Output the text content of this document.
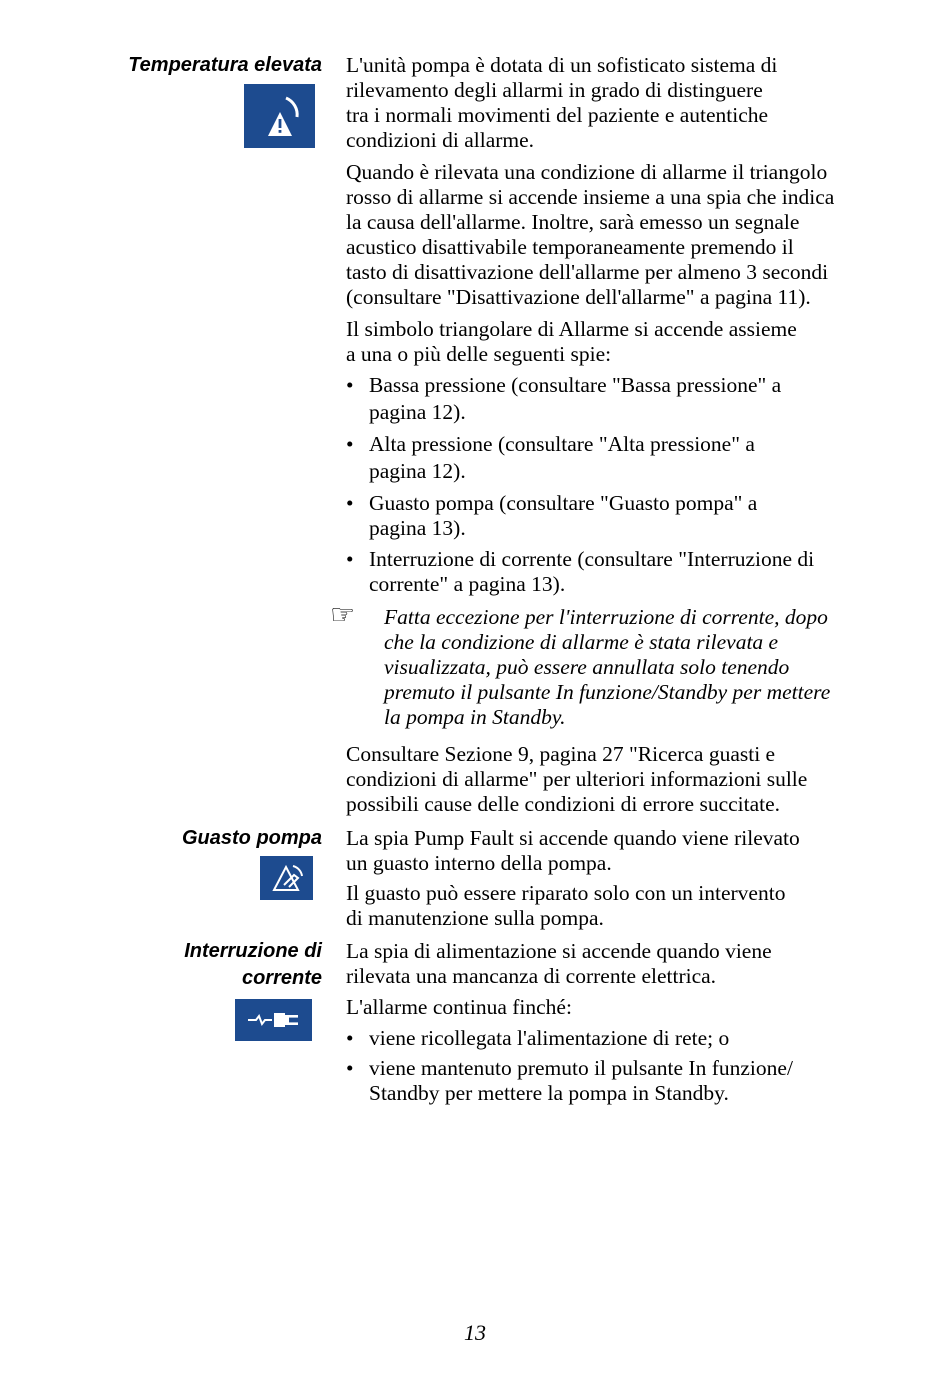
Temperatura elevata
Guasto pompa
Interruzione di
corrente
L'unità pompa è dotata di un sofisticato sistema di
rilevamento degli allarmi in grado di distinguere
tra i normali movimenti del paziente e autentiche
condizioni di allarme.
Quando è rilevata una condizione di allarme il triangolo
rosso di allarme si accende insieme a una spia che indica
la causa dell'allarme. Inoltre, sarà emesso un segnale
acustico disattivabile temporaneamente premendo il
tasto di disattivazione dell'allarme per almeno 3 secondi
(consultare "Disattivazione dell'allarme" a pagina 11).
Il simbolo triangolare di Allarme si accende assieme
a una o più delle seguenti spie:
• Bassa pressione (consultare "Bassa pressione" a
pagina 12).
• Alta pressione (consultare "Alta pressione" a
pagina 12).
• Guasto pompa (consultare "Guasto pompa" a
pagina 13).
• Interruzione di corrente (consultare "Interruzione di
corrente" a pagina 13).
☞ Fatta eccezione per l'interruzione di corrente, dopo
che la condizione di allarme è stata rilevata e
visualizzata, può essere annullata solo tenendo
premuto il pulsante In funzione/Standby per mettere
la pompa in Standby.
Consultare Sezione 9, pagina 27 "Ricerca guasti e
condizioni di allarme" per ulteriori informazioni sulle
possibili cause delle condizioni di errore succitate.
La spia Pump Fault si accende quando viene rilevato
un guasto interno della pompa.
Il guasto può essere riparato solo con un intervento
di manutenzione sulla pompa.
La spia di alimentazione si accende quando viene
rilevata una mancanza di corrente elettrica.
L'allarme continua finché:
• viene ricollegata l'alimentazione di rete; o
• viene mantenuto premuto il pulsante In funzione/
Standby per mettere la pompa in Standby.
13
